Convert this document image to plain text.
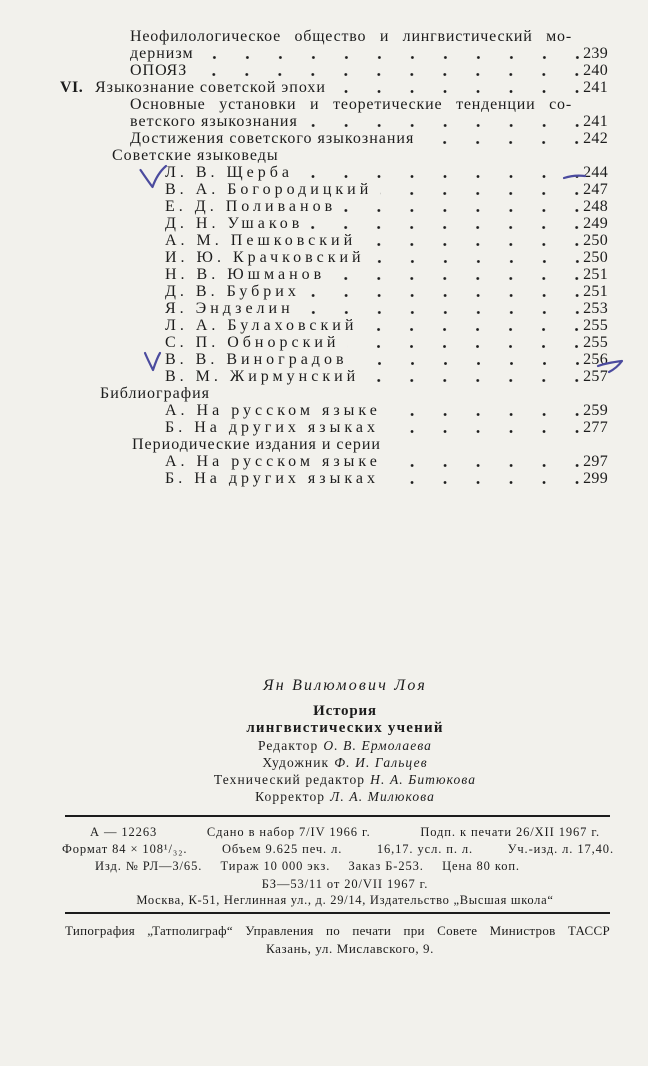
Неофилологическое общество и лингвистический мо-
дернизм	239
ОПОЯЗ	240
VI. Языкознание советской эпохи	241
Основные установки и теоретические тенденции со-
ветского языкознания	241
Достижения советского языкознания	242
Советские языковеды
Л. В. Щерба	244
В. А. Богородицкий	247
Е. Д. Поливанов	248
Д. Н. Ушаков	249
А. М. Пешковский	250
И. Ю. Крачковский	250
Н. В. Юшманов	251
Д. В. Бубрих	251
Я. Эндзелин	253
Л. А. Булаховский	255
С. П. Обнорский	255
В. В. Виноградов	256
В. М. Жирмунский	257
Библиография
А. На русском языке	259
Б. На других языках	277
Периодические издания и серии
А. На русском языке	297
Б. На других языках	299
Ян Вилюмович Лоя
История
лингвистических учений
Редактор О. В. Ермолаева
Художник Ф. И. Гальцев
Технический редактор Н. А. Битюкова
Корректор Л. А. Милюкова
А — 12263	Сдано в набор 7/IV 1966 г.	Подп. к печати 26/XII 1967 г.
Формат 84 × 108¹/₃₂.	Объем 9.625 печ. л.	16,17. усл. п. л.	Уч.-изд. л. 17,40.
Изд. № РЛ—3/65. Тираж 10 000 экз. Заказ Б-253. Цена 80 коп.
БЗ—53/11 от 20/VII 1967 г.
Москва, К-51, Неглинная ул., д. 29/14, Издательство „Высшая школа“
Типография „Татполиграф“ Управления по печати при Совете Министров ТАССР
Казань, ул. Миславского, 9.
